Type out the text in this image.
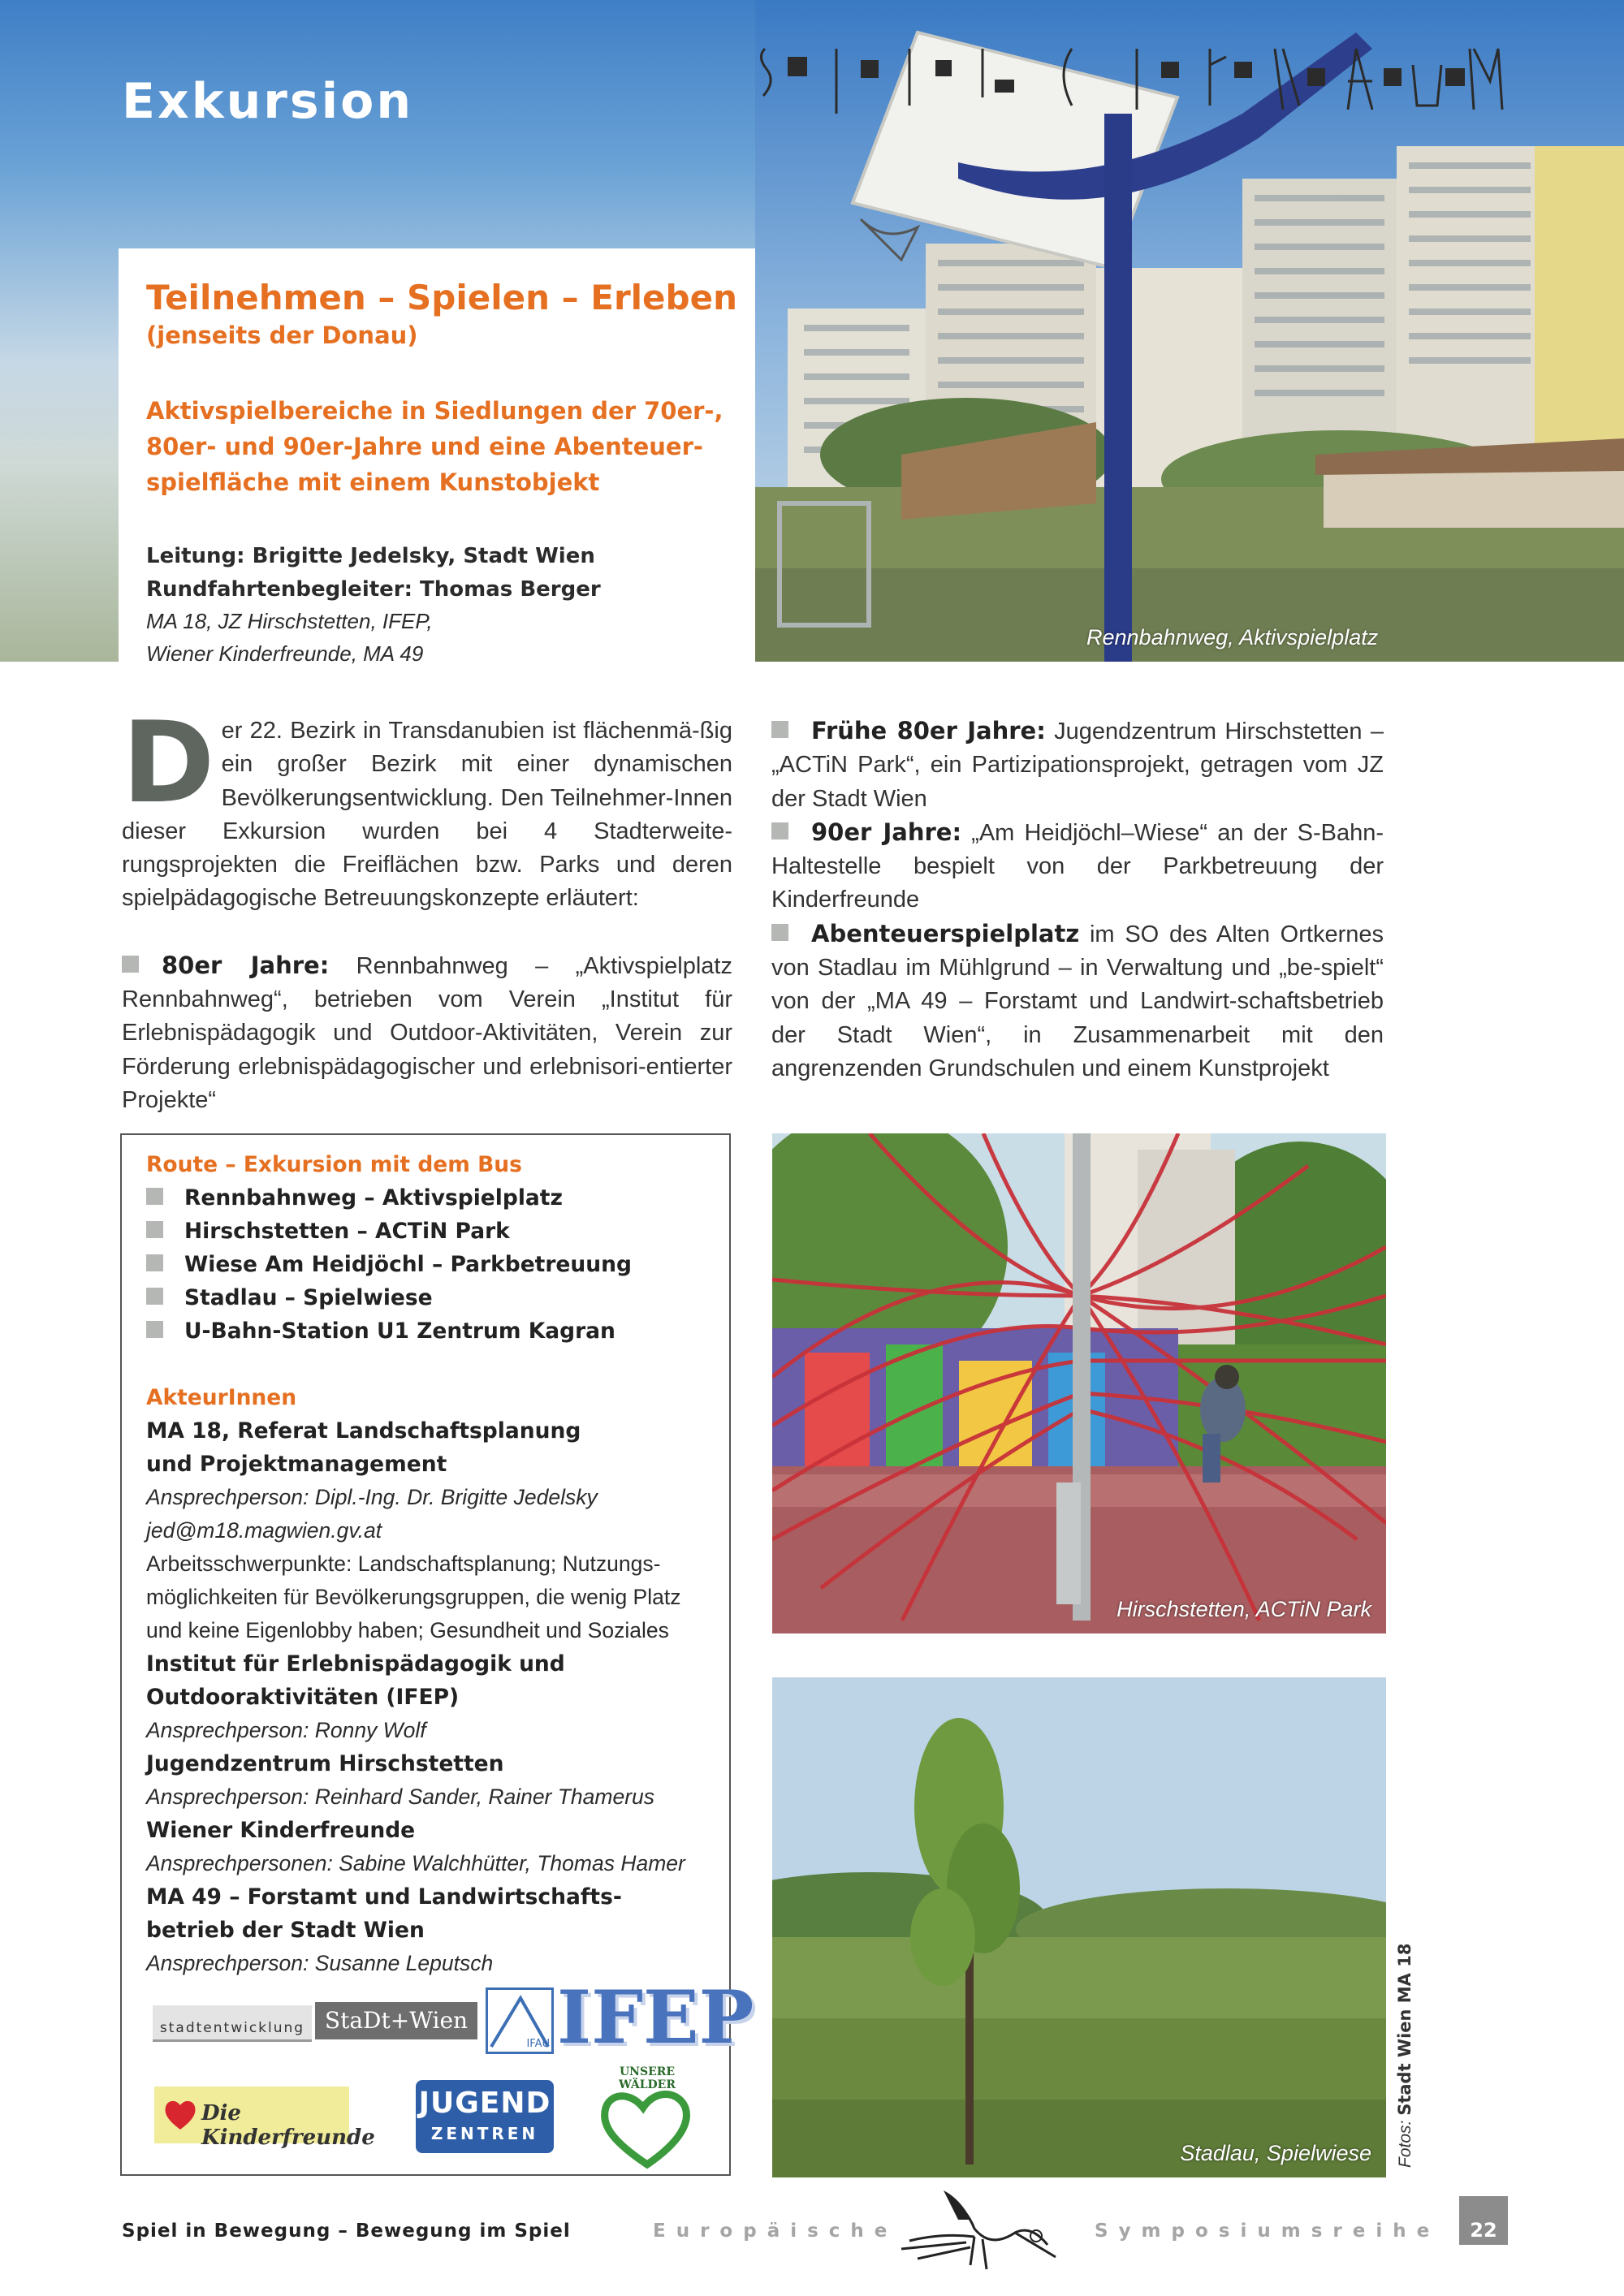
Exkursion
SpielRaum
Rennbahnweg, Aktivspielplatz
Teilnehmen – Spielen – Erleben
(jenseits der Donau)
Aktivspielbereiche in Siedlungen der 70er-,
80er- und 90er-Jahre und eine Abenteuer-
spielfläche mit einem Kunstobjekt
Leitung: Brigitte Jedelsky, Stadt Wien
Rundfahrtenbegleiter: Thomas Berger
MA 18, JZ Hirschstetten, IFEP,
Wiener Kinderfreunde, MA 49

Der 22. Bezirk in Transdanubien ist flächenmä-ßig ein großer Bezirk mit einer dynamischen Bevölkerungsentwicklung. Den Teilnehmer-Innen dieser Exkursion wurden bei 4 Stadterweite-rungsprojekten die Freiflächen bzw. Parks und deren spielpädagogische Betreuungskonzepte erläutert:

80er Jahre: Rennbahnweg – „Aktivspielplatz Rennbahnweg“, betrieben vom Verein „Institut für Erlebnispädagogik und Outdoor-Aktivitäten, Verein zur Förderung erlebnispädagogischer und erlebnisori-entierter Projekte“

Frühe 80er Jahre: Jugendzentrum Hirschstetten – „ACTiN Park“, ein Partizipationsprojekt, getragen vom JZ der Stadt Wien

90er Jahre: „Am Heidjöchl–Wiese“ an der S-Bahn-Haltestelle bespielt von der Parkbetreuung der Kinderfreunde

Abenteuerspielplatz im SO des Alten Ortkernes von Stadlau im Mühlgrund – in Verwaltung und „be-spielt“ von der „MA 49 – Forstamt und Landwirt-schaftsbetrieb der Stadt Wien“, in Zusammenarbeit mit den angrenzenden Grundschulen und einem Kunstprojekt

Route – Exkursion mit dem Bus
Rennbahnweg – Aktivspielplatz
Hirschstetten – ACTiN Park
Wiese Am Heidjöchl – Parkbetreuung
Stadlau – Spielwiese
U-Bahn-Station U1 Zentrum Kagran
AkteurInnen
MA 18, Referat Landschaftsplanung
und Projektmanagement
Ansprechperson: Dipl.-Ing. Dr. Brigitte Jedelsky
jed@m18.magwien.gv.at
Arbeitsschwerpunkte: Landschaftsplanung; Nutzungs-
möglichkeiten für Bevölkerungsgruppen, die wenig Platz
und keine Eigenlobby haben; Gesundheit und Soziales
Institut für Erlebnispädagogik und
Outdooraktivitäten (IFEP)
Ansprechperson: Ronny Wolf
Jugendzentrum Hirschstetten
Ansprechperson: Reinhard Sander, Rainer Thamerus
Wiener Kinderfreunde
Ansprechpersonen: Sabine Walchhütter, Thomas Hamer
MA 49 – Forstamt und Landwirtschafts-
betrieb der Stadt Wien
Ansprechperson: Susanne Leputsch
stadtentwicklung StaDt+Wien
IFAU IFEP
Die Kinderfreunde
JUGEND
ZENTREN
UNSERE WÄLDER
Hirschstetten, ACTiN Park
Stadlau, Spielwiese Fotos: Stadt Wien MA 18
Spiel in Bewegung – Bewegung im Spiel	Europäische	Symposiumsreihe	22
